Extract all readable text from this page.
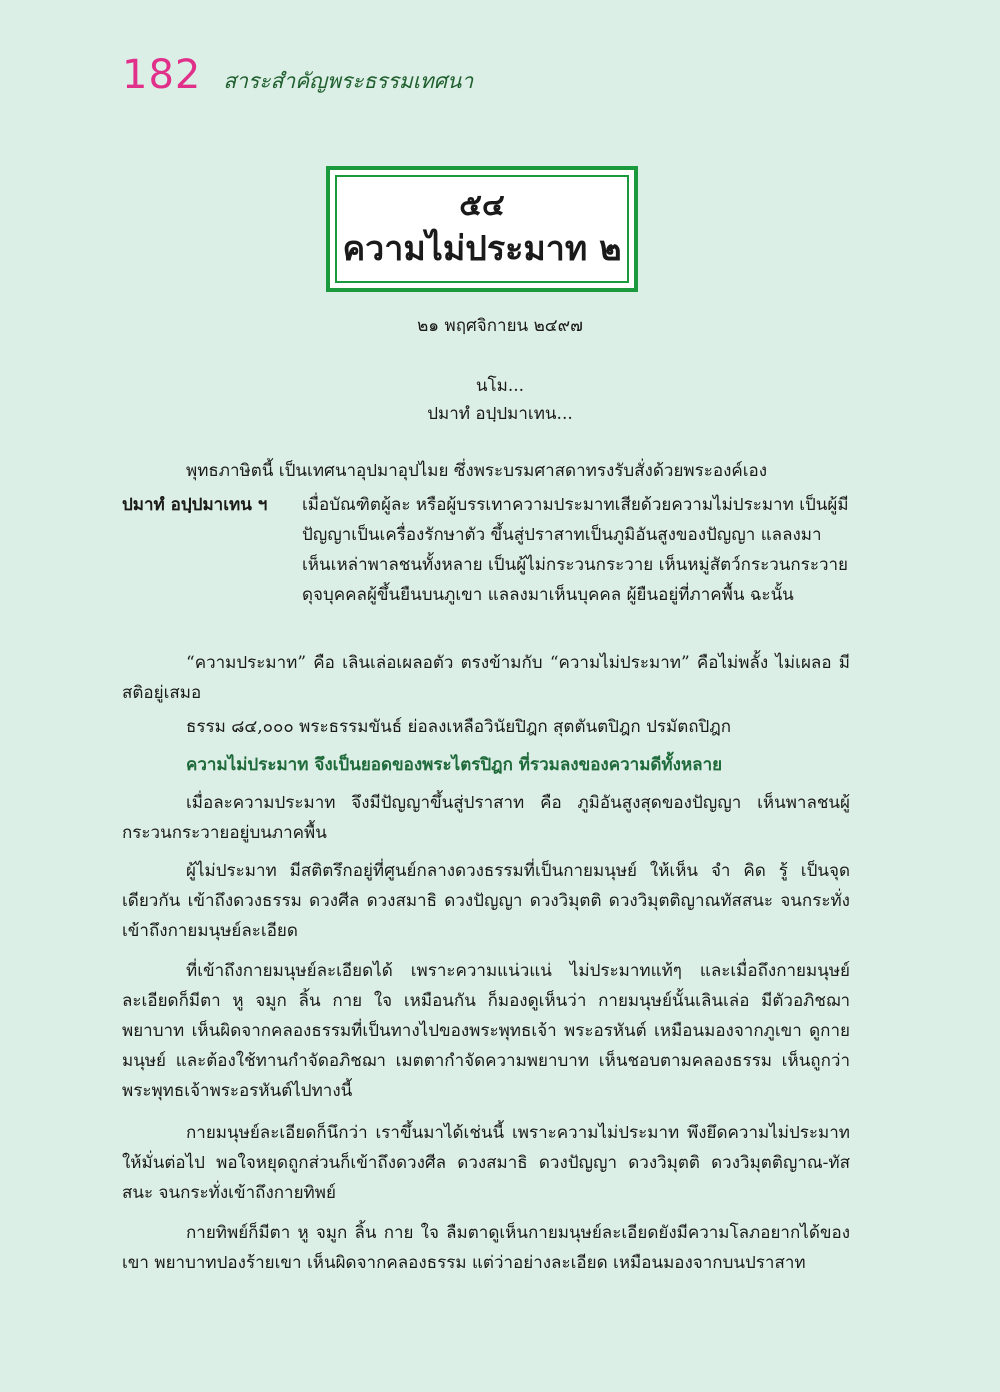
182 สาระสำคัญพระธรรมเทศนา
๕๔
ความไม่ประมาท ๒
๒๑ พฤศจิกายน ๒๔๙๗
นโม...
ปมาทํ อปฺปมาเทน...
พุทธภาษิตนี้ เป็นเทศนาอุปมาอุปไมย ซึ่งพระบรมศาสดาทรงรับสั่งด้วยพระองค์เอง
ปมาทํ อปฺปมาเทน ฯ เมื่อบัณฑิตผู้ละ หรือผู้บรรเทาความประมาทเสียด้วยความไม่ประมาท เป็นผู้มีปัญญาเป็นเครื่องรักษาตัว ขึ้นสู่ปราสาทเป็นภูมิอันสูงของปัญญา แลลงมาเห็นเหล่าพาลชนทั้งหลาย เป็นผู้ไม่กระวนกระวาย เห็นหมู่สัตว์กระวนกระวาย ดุจบุคคลผู้ขึ้นยืนบนภูเขา แลลงมาเห็นบุคคล ผู้ยืนอยู่ที่ภาคพื้น ฉะนั้น
“ความประมาท” คือ เลินเล่อเผลอตัว ตรงข้ามกับ “ความไม่ประมาท” คือไม่พลั้ง ไม่เผลอ มีสติอยู่เสมอ
ธรรม ๘๔,๐๐๐ พระธรรมขันธ์ ย่อลงเหลือวินัยปิฎก สุตตันตปิฎก ปรมัตถปิฎก
ความไม่ประมาท จึงเป็นยอดของพระไตรปิฎก ที่รวมลงของความดีทั้งหลาย
เมื่อละความประมาท จึงมีปัญญาขึ้นสู่ปราสาท คือ ภูมิอันสูงสุดของปัญญา เห็นพาลชนผู้กระวนกระวายอยู่บนภาคพื้น
ผู้ไม่ประมาท มีสติตรึกอยู่ที่ศูนย์กลางดวงธรรมที่เป็นกายมนุษย์ ให้เห็น จำ คิด รู้ เป็นจุดเดียวกัน เข้าถึงดวงธรรม ดวงศีล ดวงสมาธิ ดวงปัญญา ดวงวิมุตติ ดวงวิมุตติญาณทัสสนะ จนกระทั่งเข้าถึงกายมนุษย์ละเอียด
ที่เข้าถึงกายมนุษย์ละเอียดได้ เพราะความแน่วแน่ ไม่ประมาทแท้ๆ และเมื่อถึงกายมนุษย์ละเอียดก็มีตา หู จมูก ลิ้น กาย ใจ เหมือนกัน ก็มองดูเห็นว่า กายมนุษย์นั้นเลินเล่อ มีตัวอภิชฌา พยาบาท เห็นผิดจากคลองธรรมที่เป็นทางไปของพระพุทธเจ้า พระอรหันต์ เหมือนมองจากภูเขา ดูกายมนุษย์ และต้องใช้ทานกำจัดอภิชฌา เมตตากำจัดความพยาบาท เห็นชอบตามคลองธรรม เห็นถูกว่าพระพุทธเจ้าพระอรหันต์ไปทางนี้
กายมนุษย์ละเอียดก็นึกว่า เราขึ้นมาได้เช่นนี้ เพราะความไม่ประมาท พึงยึดความไม่ประมาทให้มั่นต่อไป พอใจหยุดถูกส่วนก็เข้าถึงดวงศีล ดวงสมาธิ ดวงปัญญา ดวงวิมุตติ ดวงวิมุตติญาณ-ทัสสนะ จนกระทั่งเข้าถึงกายทิพย์
กายทิพย์ก็มีตา หู จมูก ลิ้น กาย ใจ ลืมตาดูเห็นกายมนุษย์ละเอียดยังมีความโลภอยากได้ของเขา พยาบาทปองร้ายเขา เห็นผิดจากคลองธรรม แต่ว่าอย่างละเอียด เหมือนมองจากบนปราสาท
